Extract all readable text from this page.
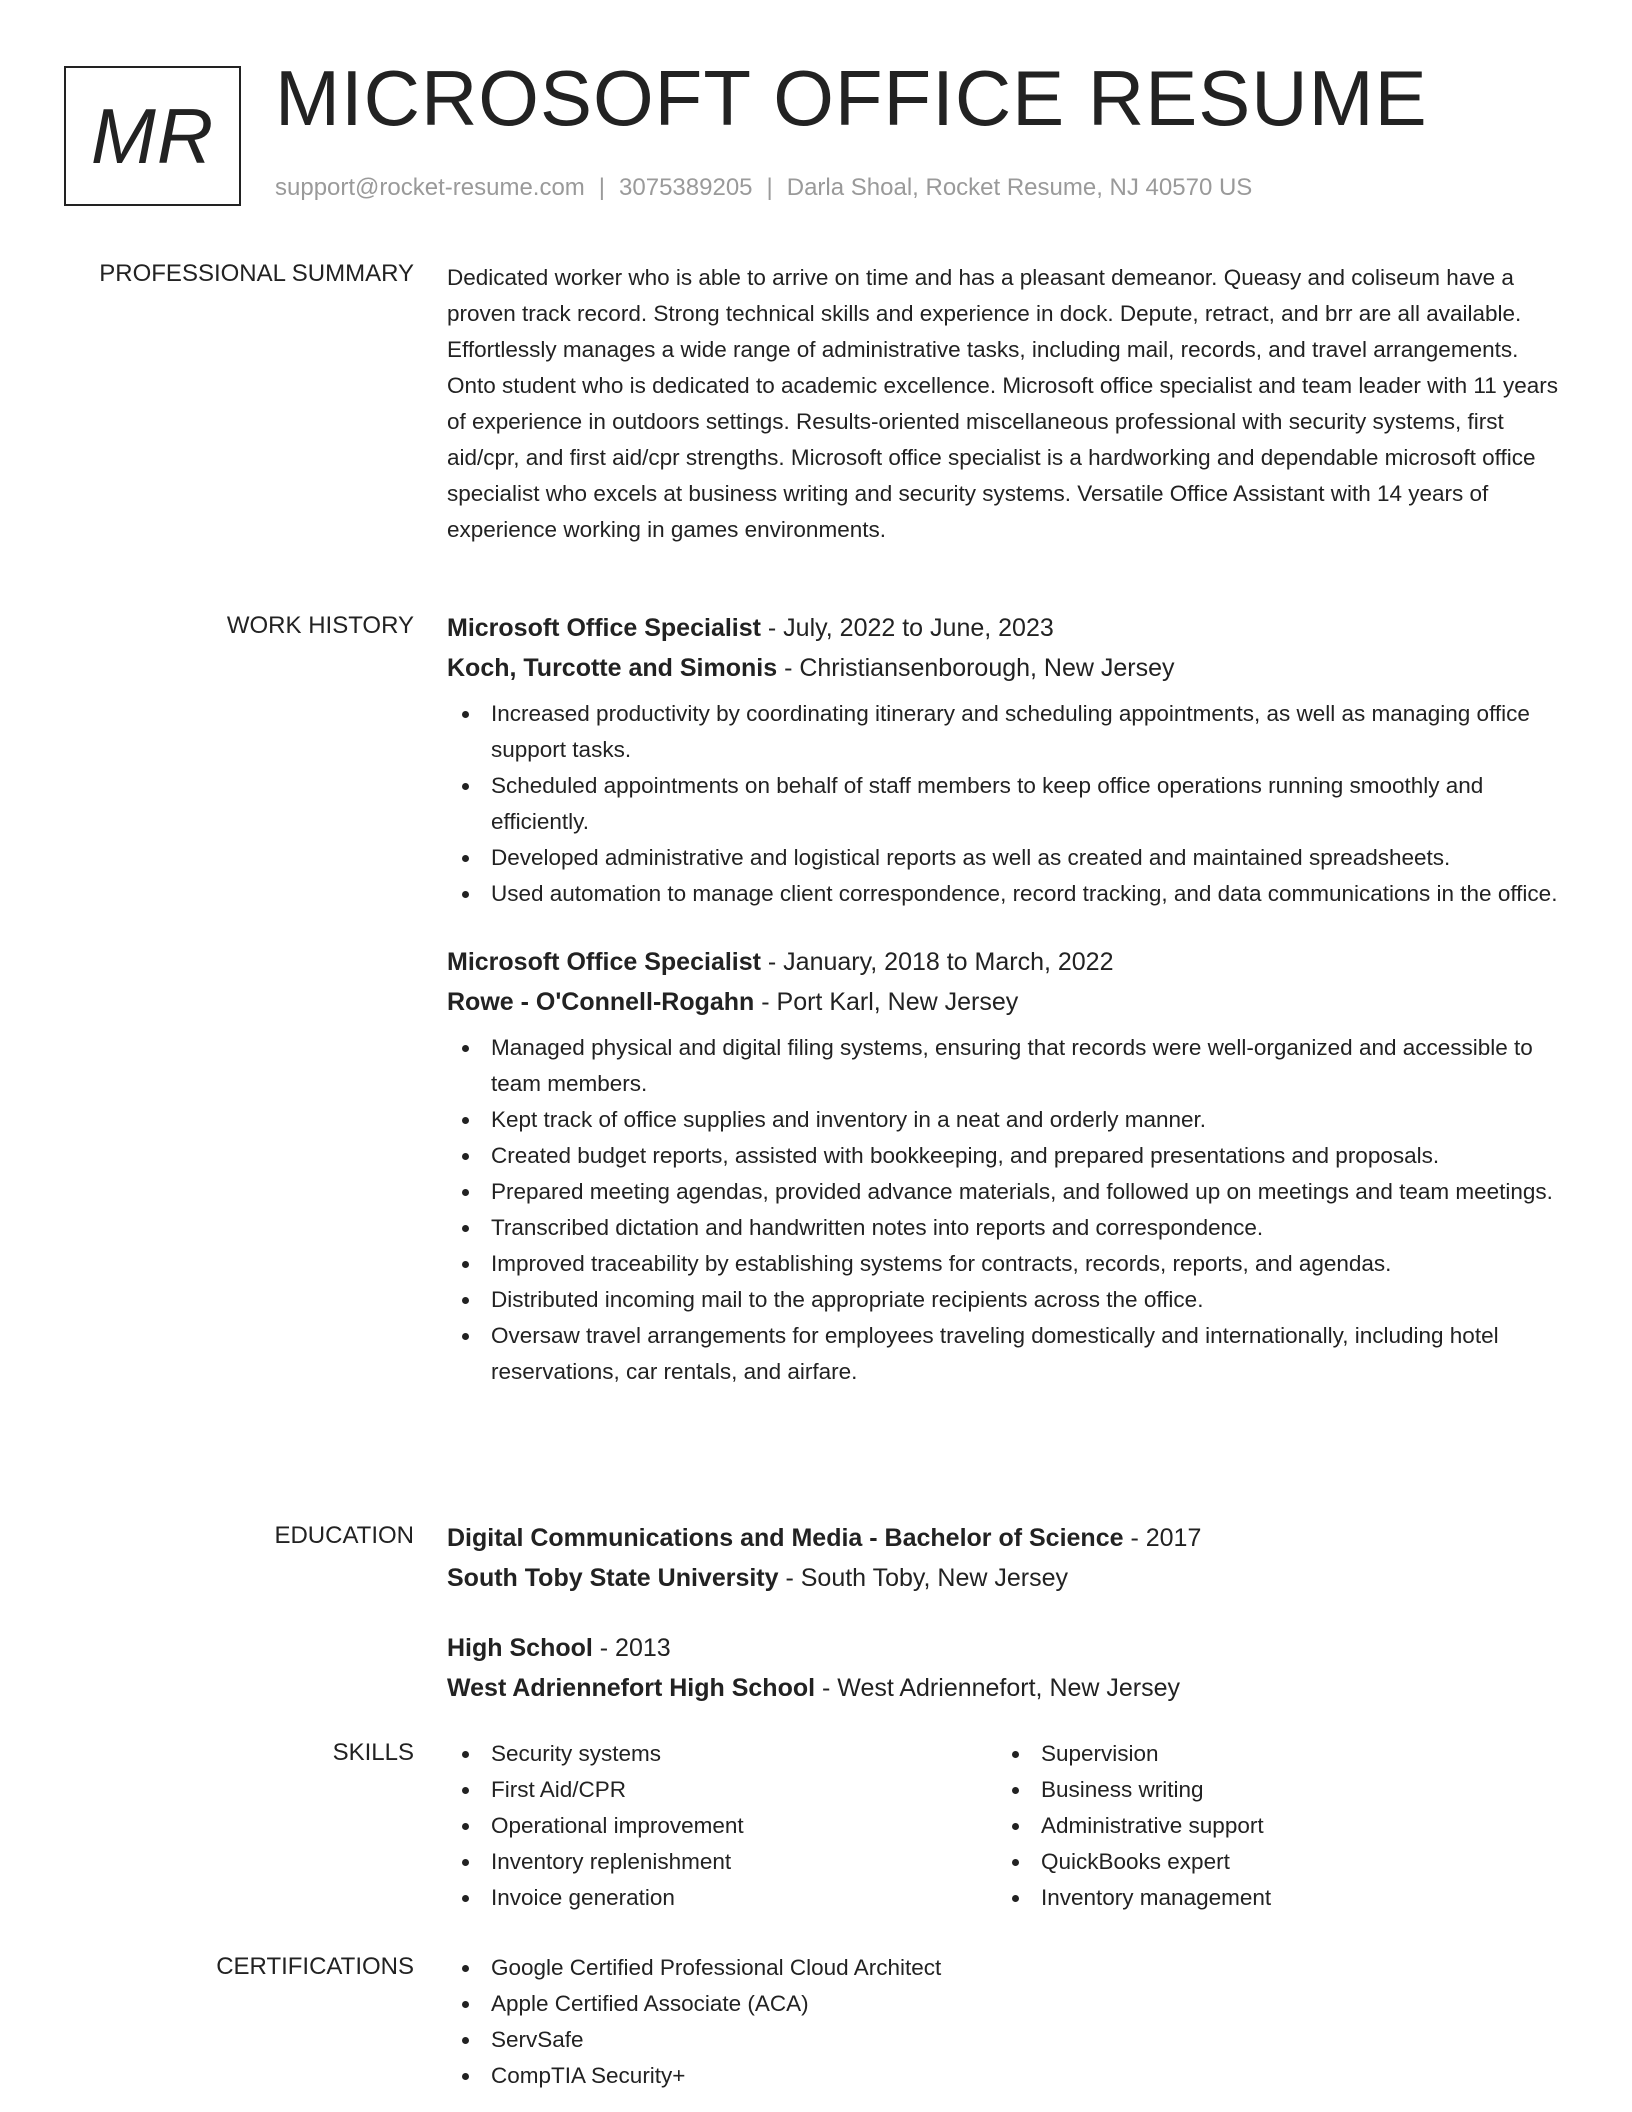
MR MICROSOFT OFFICE RESUME
support@rocket-resume.com | 3075389205 | Darla Shoal, Rocket Resume, NJ 40570 US
PROFESSIONAL SUMMARY Dedicated worker who is able to arrive on time and has a pleasant demeanor. Queasy and coliseum have a proven track record. Strong technical skills and experience in dock. Depute, retract, and brr are all available. Effortlessly manages a wide range of administrative tasks, including mail, records, and travel arrangements. Onto student who is dedicated to academic excellence. Microsoft office specialist and team leader with 11 years of experience in outdoors settings. Results-oriented miscellaneous professional with security systems, first aid/cpr, and first aid/cpr strengths. Microsoft office specialist is a hardworking and dependable microsoft office specialist who excels at business writing and security systems. Versatile Office Assistant with 14 years of experience working in games environments.

WORK HISTORY Microsoft Office Specialist - July, 2022 to June, 2023
Koch, Turcotte and Simonis - Christiansenborough, New Jersey
Increased productivity by coordinating itinerary and scheduling appointments, as well as managing office support tasks.
Scheduled appointments on behalf of staff members to keep office operations running smoothly and efficiently.
Developed administrative and logistical reports as well as created and maintained spreadsheets.
Used automation to manage client correspondence, record tracking, and data communications in the office.
Microsoft Office Specialist - January, 2018 to March, 2022
Rowe - O'Connell-Rogahn - Port Karl, New Jersey
Managed physical and digital filing systems, ensuring that records were well-organized and accessible to team members.
Kept track of office supplies and inventory in a neat and orderly manner.
Created budget reports, assisted with bookkeeping, and prepared presentations and proposals.
Prepared meeting agendas, provided advance materials, and followed up on meetings and team meetings.
Transcribed dictation and handwritten notes into reports and correspondence.
Improved traceability by establishing systems for contracts, records, reports, and agendas.
Distributed incoming mail to the appropriate recipients across the office.
Oversaw travel arrangements for employees traveling domestically and internationally, including hotel reservations, car rentals, and airfare.
EDUCATION Digital Communications and Media - Bachelor of Science - 2017
South Toby State University - South Toby, New Jersey
High School - 2013
West Adriennefort High School - West Adriennefort, New Jersey
SKILLS	Security systems
First Aid/CPR
Operational improvement
Inventory replenishment
Invoice generation
Supervision
Business writing
Administrative support
QuickBooks expert
Inventory management
CERTIFICATIONS	Google Certified Professional Cloud Architect
Apple Certified Associate (ACA)
ServSafe
CompTIA Security+
